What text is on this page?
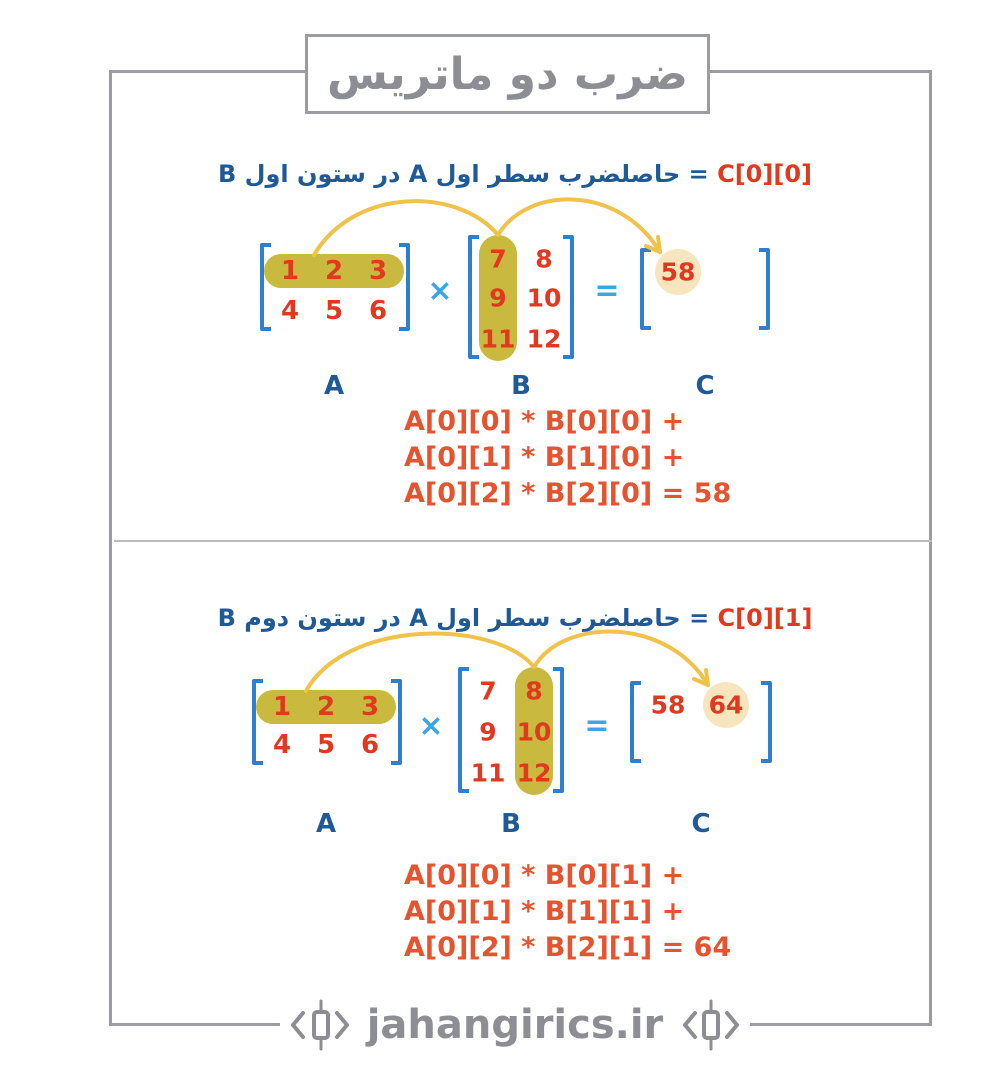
ضرب دو ماتریس
حاصلضرب سطر اول A در ستون اول B = C[0][0]
1 2 3
4 5 6
×
7 8
9 10
11 12
=
58
A	B	C
A[0][0] * B[0][0] +
A[0][1] * B[1][0] +
A[0][2] * B[2][0] = 58
حاصلضرب سطر اول A در ستون دوم B = C[0][1]
1 2 3
4 5 6
×
7 8
9 10
11 12
=
58 64
A	B	C
A[0][0] * B[0][1] +
A[0][1] * B[1][1] +
A[0][2] * B[2][1] = 64
jahangirics.ir
